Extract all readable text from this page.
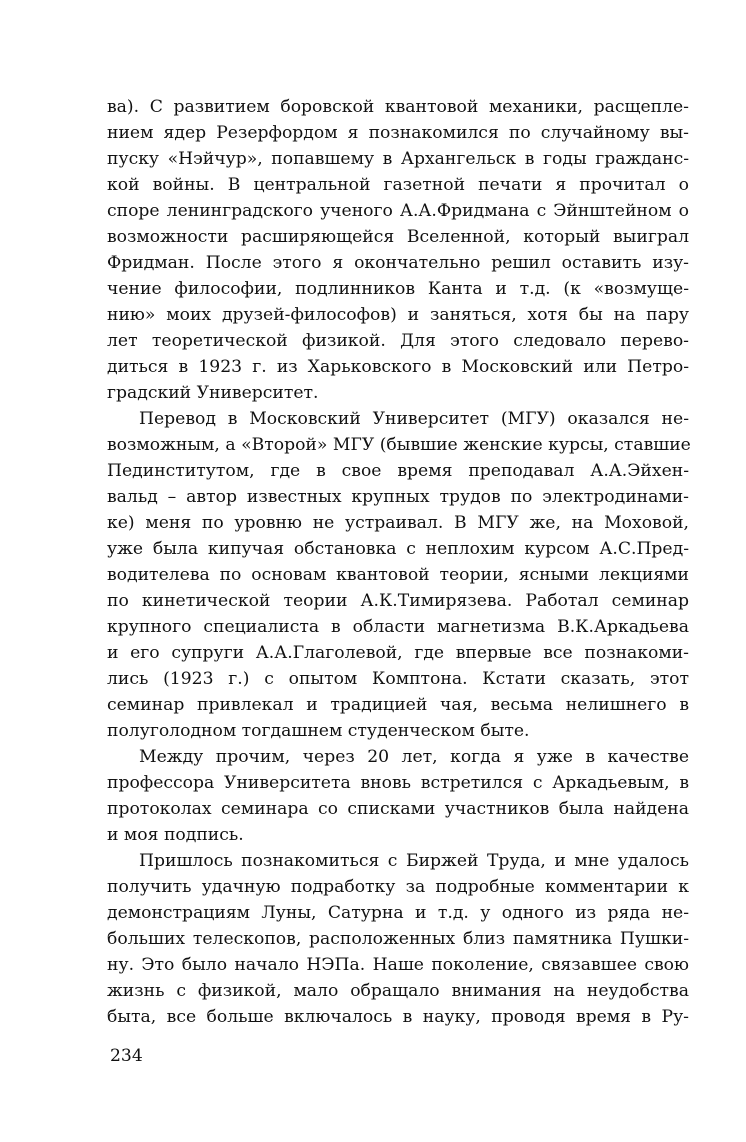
ва). С развитием боровской квантовой механики, расщепле-
нием ядер Резерфордом я познакомился по случайному вы-
пуску «Нэйчур», попавшему в Архангельск в годы гражданс-
кой войны. В центральной газетной печати я прочитал о
споре ленинградского ученого А.А.Фридмана с Эйнштейном о
возможности расширяющейся Вселенной, который выиграл
Фридман. После этого я окончательно решил оставить изу-
чение философии, подлинников Канта и т.д. (к «возмуще-
нию» моих друзей-философов) и заняться, хотя бы на пару
лет теоретической физикой. Для этого следовало перево-
диться в 1923 г. из Харьковского в Московский или Петро-
градский Университет.
Перевод в Московский Университет (МГУ) оказался не-
возможным, а «Второй» МГУ (бывшие женские курсы, ставшие
Пединститутом, где в свое время преподавал А.А.Эйхен-
вальд – автор известных крупных трудов по электродинами-
ке) меня по уровню не устраивал. В МГУ же, на Моховой,
уже была кипучая обстановка с неплохим курсом А.С.Пред-
водителева по основам квантовой теории, ясными лекциями
по кинетической теории А.К.Тимирязева. Работал семинар
крупного специалиста в области магнетизма В.К.Аркадьева
и его супруги А.А.Глаголевой, где впервые все познакоми-
лись (1923 г.) с опытом Комптона. Кстати сказать, этот
семинар привлекал и традицией чая, весьма нелишнего в
полуголодном тогдашнем студенческом быте.
Между прочим, через 20 лет, когда я уже в качестве
профессора Университета вновь встретился с Аркадьевым, в
протоколах семинара со списками участников была найдена
и моя подпись.
Пришлось познакомиться с Биржей Труда, и мне удалось
получить удачную подработку за подробные комментарии к
демонстрациям Луны, Сатурна и т.д. у одного из ряда не-
больших телескопов, расположенных близ памятника Пушки-
ну. Это было начало НЭПа. Наше поколение, связавшее свою
жизнь с физикой, мало обращало внимания на неудобства
быта, все больше включалось в науку, проводя время в Ру-
234
